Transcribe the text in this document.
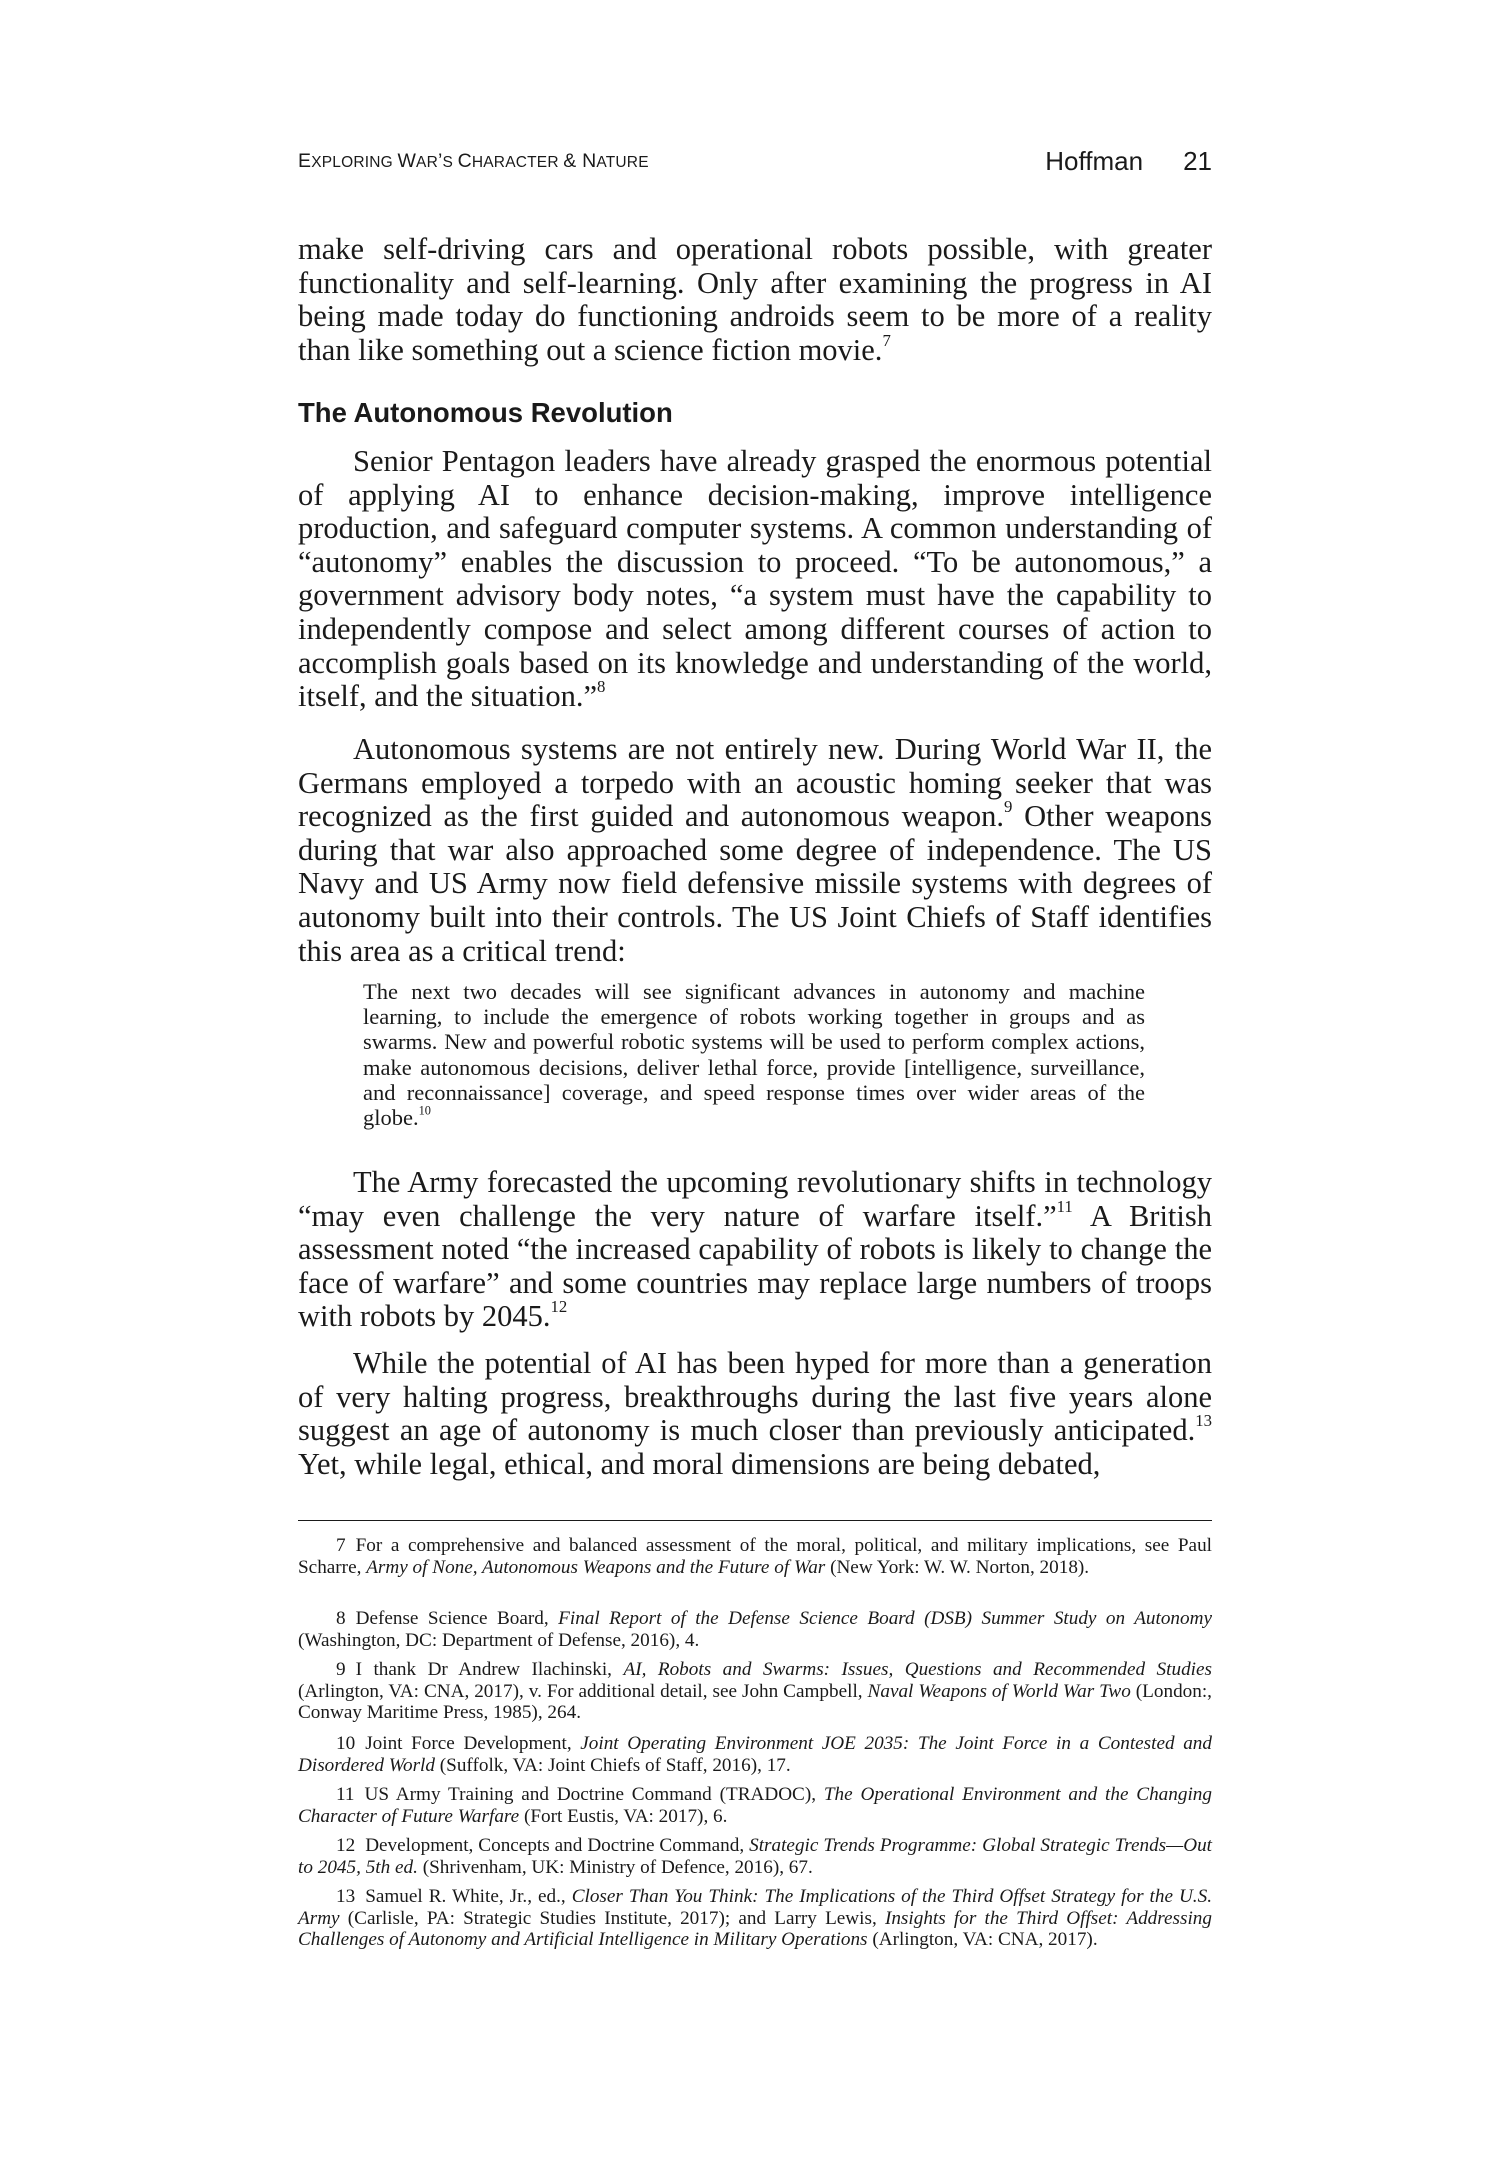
EXPLORING WAR’S CHARACTER & NATURE	Hoffman 21

make self-driving cars and operational robots possible, with greater functionality and self-learning. Only after examining the progress in AI being made today do functioning androids seem to be more of a reality than like something out a science fiction movie.$^7$

The Autonomous Revolution

Senior Pentagon leaders have already grasped the enormous potential of applying AI to enhance decision-making, improve intelligence production, and safeguard computer systems. A common understanding of “autonomy” enables the discussion to proceed. “To be autonomous,” a government advisory body notes, “a system must have the capability to independently compose and select among different courses of action to accomplish goals based on its knowledge and understanding of the world, itself, and the situation.”$^8$

Autonomous systems are not entirely new. During World War II, the Germans employed a torpedo with an acoustic homing seeker that was recognized as the first guided and autonomous weapon.$^9$ Other weapons during that war also approached some degree of independence. The US Navy and US Army now field defensive missile systems with degrees of autonomy built into their controls. The US Joint Chiefs of Staff identifies this area as a critical trend:

The next two decades will see significant advances in autonomy and machine learning, to include the emergence of robots working together in groups and as swarms. New and powerful robotic systems will be used to perform complex actions, make autonomous decisions, deliver lethal force, provide [intelligence, surveillance, and reconnaissance] coverage, and speed response times over wider areas of the globe.$^{10}$

The Army forecasted the upcoming revolutionary shifts in technology “may even challenge the very nature of warfare itself.”$^{11}$ A British assessment noted “the increased capability of robots is likely to change the face of warfare” and some countries may replace large numbers of troops with robots by 2045.12

While the potential of AI has been hyped for more than a generation of very halting progress, breakthroughs during the last five years alone suggest an age of autonomy is much closer than previously anticipated.$^{13}$ Yet, while legal, ethical, and moral dimensions are being debated,

7 For a comprehensive and balanced assessment of the moral, political, and military implications, see Paul Scharre, Army of None, Autonomous Weapons and the Future of War (New York: W. W. Norton, 2018).

8 Defense Science Board, Final Report of the Defense Science Board (DSB) Summer Study on Autonomy (Washington, DC: Department of Defense, 2016), 4.

9 I thank Dr Andrew Ilachinski, AI, Robots and Swarms: Issues, Questions and Recommended Studies (Arlington, VA: CNA, 2017), v. For additional detail, see John Campbell, Naval Weapons of World War Two (London:, Conway Maritime Press, 1985), 264.

10 Joint Force Development, Joint Operating Environment JOE 2035: The Joint Force in a Contested and Disordered World (Suffolk, VA: Joint Chiefs of Staff, 2016), 17.

11 US Army Training and Doctrine Command (TRADOC), The Operational Environment and the Changing Character of Future Warfare (Fort Eustis, VA: 2017), 6.

12 Development, Concepts and Doctrine Command, Strategic Trends Programme: Global Strategic Trends—Out to 2045, 5th ed. (Shrivenham, UK: Ministry of Defence, 2016), 67.

13 Samuel R. White, Jr., ed., Closer Than You Think: The Implications of the Third Offset Strategy for the U.S. Army (Carlisle, PA: Strategic Studies Institute, 2017); and Larry Lewis, Insights for the Third Offset: Addressing Challenges of Autonomy and Artificial Intelligence in Military Operations (Arlington, VA: CNA, 2017).
